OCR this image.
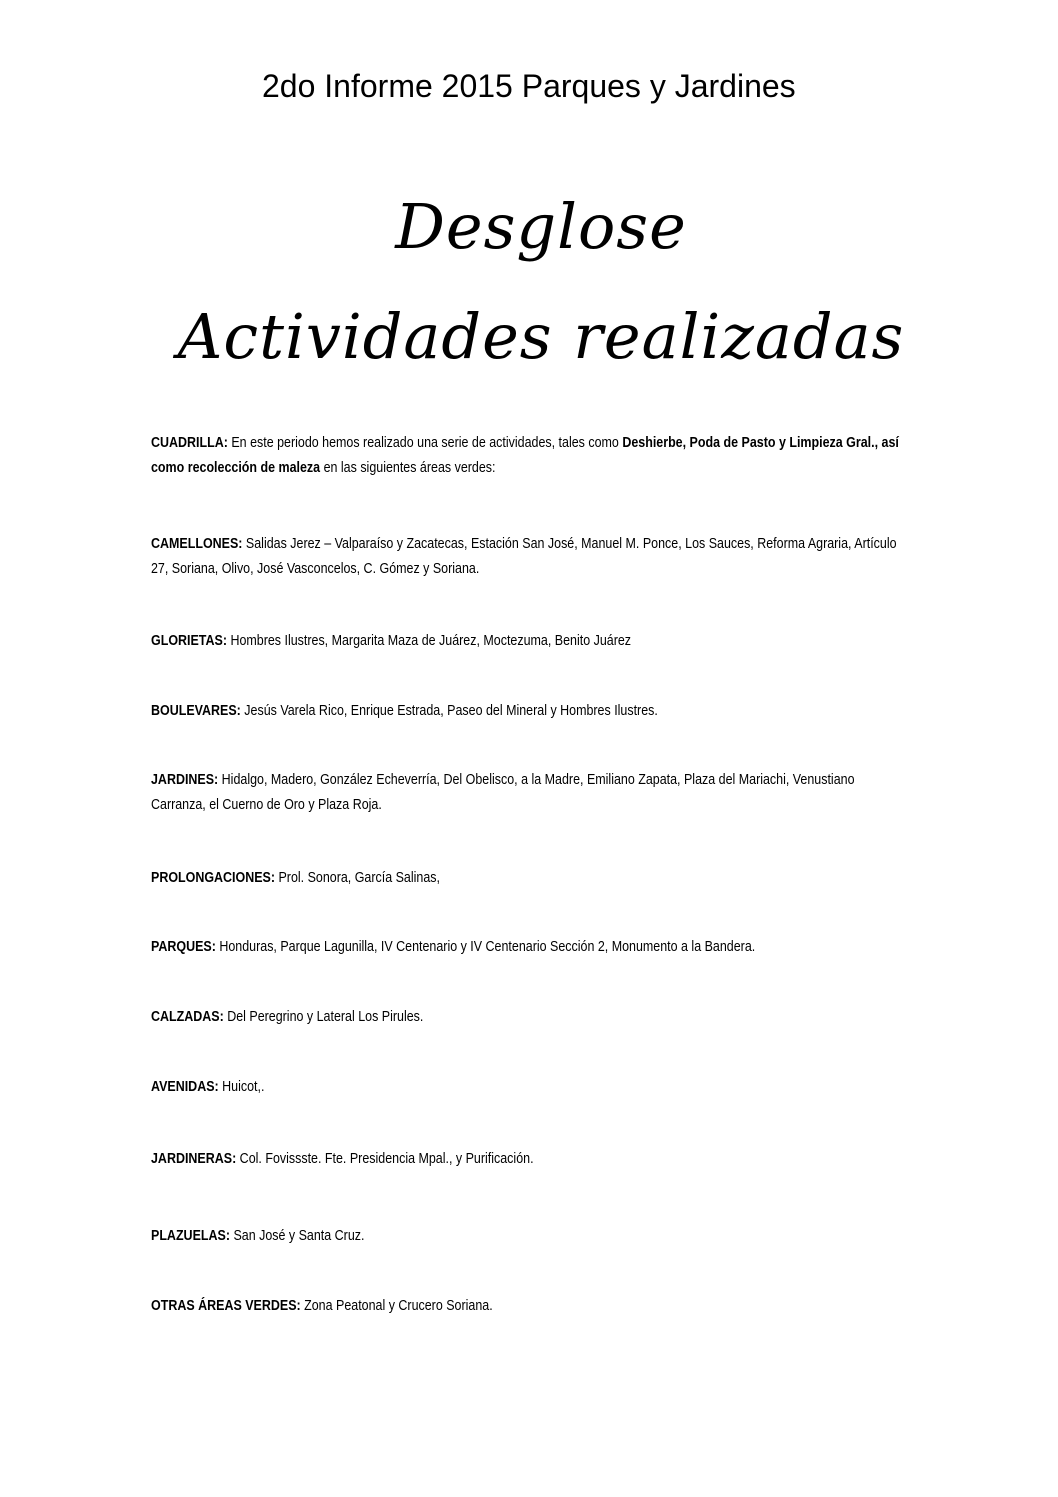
2do Informe 2015 Parques y Jardines
Desglose
Actividades realizadas

CUADRILLA: En este periodo hemos realizado una serie de actividades, tales como Deshierbe, Poda de Pasto y Limpieza Gral., así como recolección de maleza en las siguientes áreas verdes:

CAMELLONES: Salidas Jerez – Valparaíso y Zacatecas, Estación San José, Manuel M. Ponce, Los Sauces, Reforma Agraria, Artículo 27, Soriana, Olivo, José Vasconcelos, C. Gómez y Soriana.

GLORIETAS: Hombres Ilustres, Margarita Maza de Juárez, Moctezuma, Benito Juárez

BOULEVARES: Jesús Varela Rico, Enrique Estrada, Paseo del Mineral y Hombres Ilustres.

JARDINES: Hidalgo, Madero, González Echeverría, Del Obelisco, a la Madre, Emiliano Zapata, Plaza del Mariachi, Venustiano Carranza, el Cuerno de Oro y Plaza Roja.

PROLONGACIONES: Prol. Sonora, García Salinas,

PARQUES: Honduras, Parque Lagunilla, IV Centenario y IV Centenario Sección 2, Monumento a la Bandera.

CALZADAS: Del Peregrino y Lateral Los Pirules.

AVENIDAS: Huicot,.

JARDINERAS: Col. Fovissste. Fte. Presidencia Mpal., y Purificación.

PLAZUELAS: San José y Santa Cruz.

OTRAS ÁREAS VERDES: Zona Peatonal y Crucero Soriana.
